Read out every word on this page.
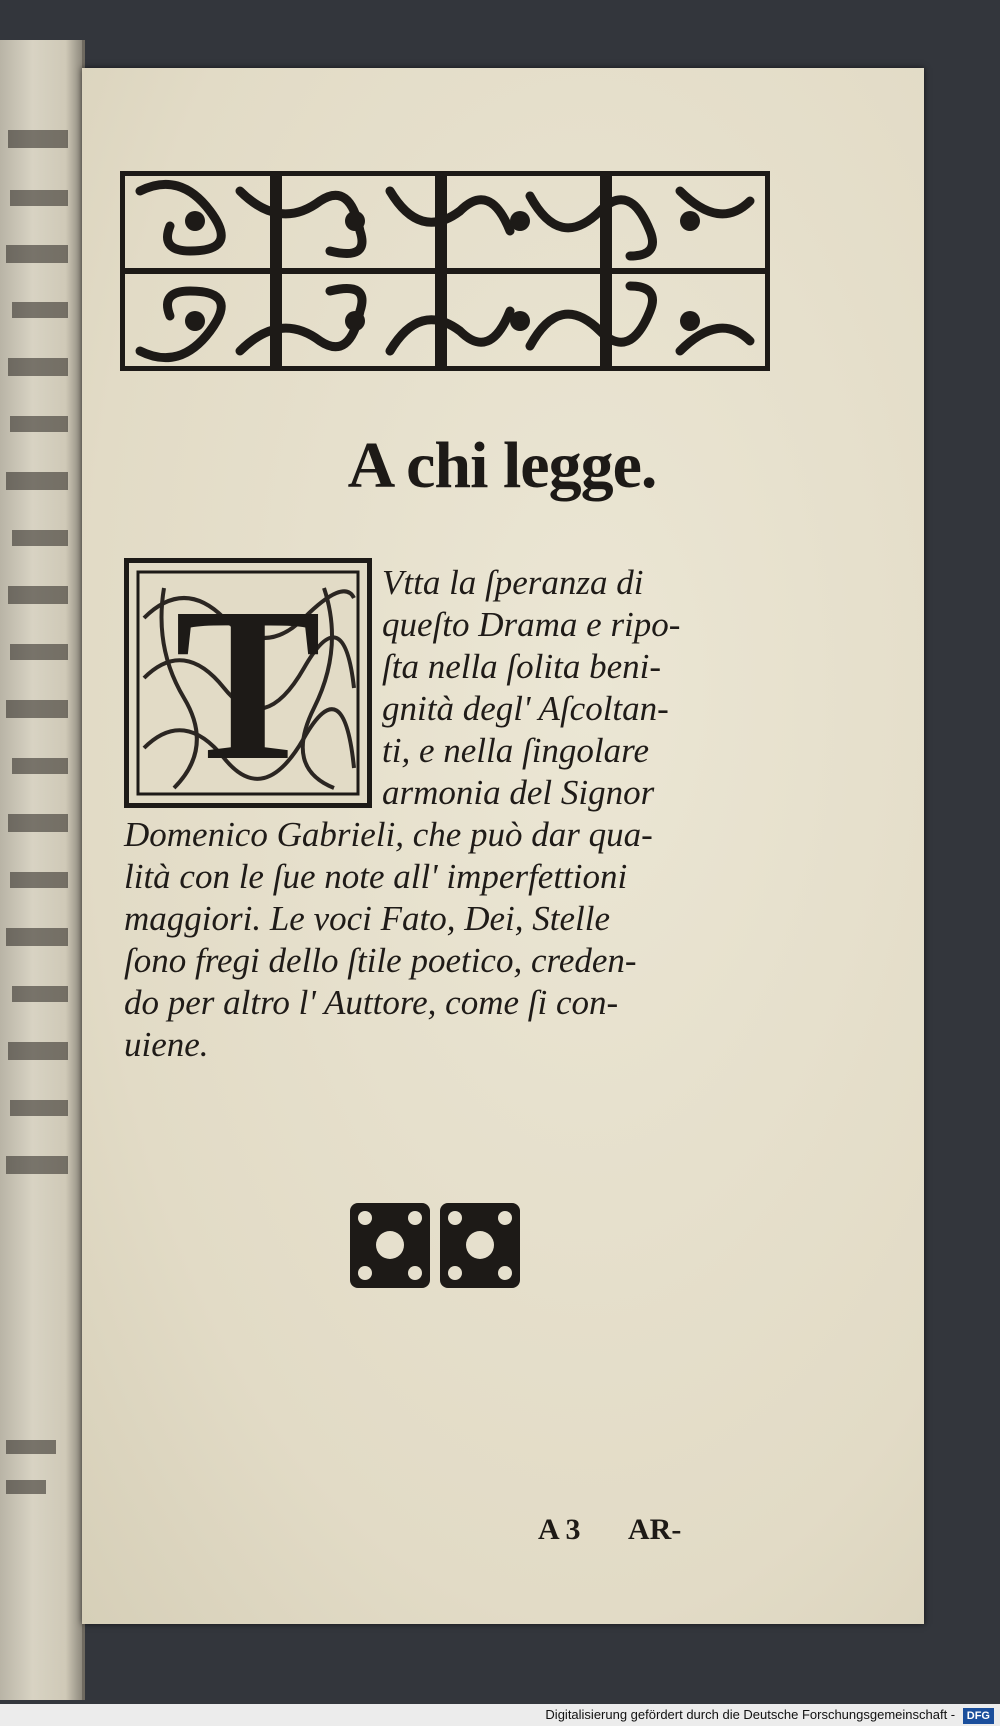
A chi legge.
T Vtta la ſperanza di
queſto Drama e ripo-
ſta nella ſolita beni-
gnità degl' Aſcoltan-
ti, e nella ſingolare
armonia del Signor
Domenico Gabrieli, che può dar qua-
lità con le ſue note all' imperfettioni
maggiori. Le voci Fato, Dei, Stelle
ſono fregi dello ſtile poetico, creden-
do per altro l' Auttore, come ſi con-
uiene.

A 3 AR-

Digitalisierung gefördert durch die Deutsche Forschungsgemeinschaft - DFG
